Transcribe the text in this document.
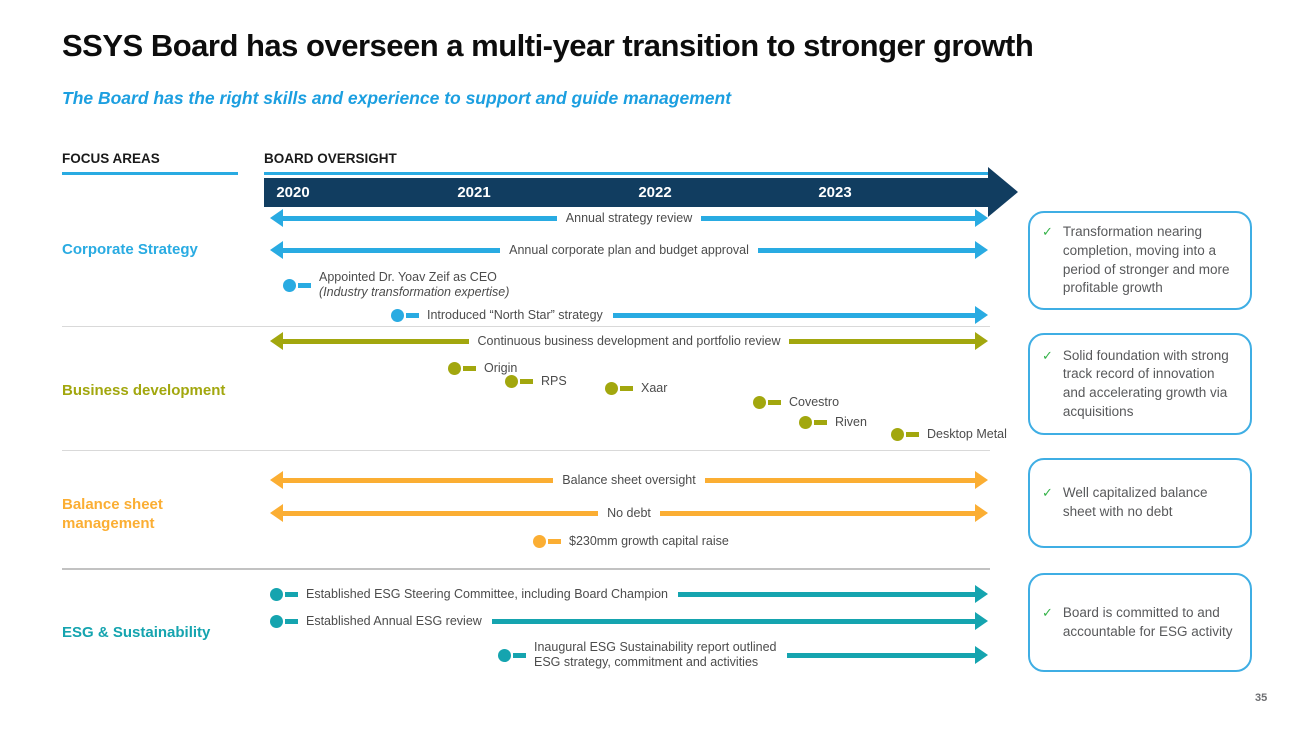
SSYS Board has overseen a multi-year transition to stronger growth
The Board has the right skills and experience to support and guide management
FOCUS AREAS	BOARD OVERSIGHT
2020	2021	2022	2023
Corporate Strategy
Business development
Balance sheet management
ESG & Sustainability
Annual strategy review
Annual corporate plan and budget approval
Appointed Dr. Yoav Zeif as CEO
(Industry transformation expertise)
Introduced “North Star” strategy
Continuous business development and portfolio review
Origin
RPS	Xaar
Covestro
Riven
Desktop Metal
Balance sheet oversight
No debt
$230mm growth capital raise
Established ESG Steering Committee, including Board Champion
Established Annual ESG review
Inaugural ESG Sustainability report outlined
ESG strategy, commitment and activities
✓ Transformation nearing completion, moving into a period of stronger and more profitable growth
✓ Solid foundation with strong track record of innovation and accelerating growth via acquisitions
✓ Well capitalized balance sheet with no debt
✓ Board is committed to and accountable for ESG activity
35
